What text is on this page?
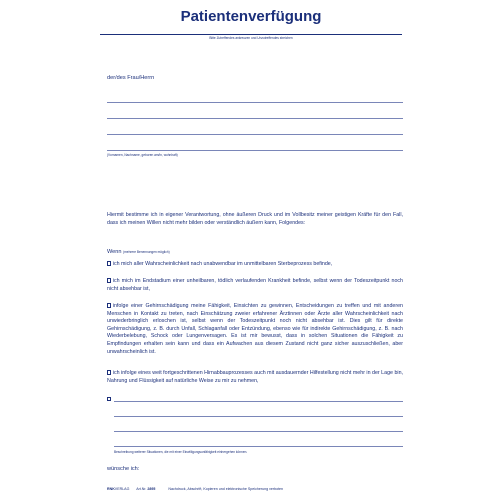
Patientenverfügung
Bitte Zutreffendes ankreuzen und Unzutreffendes streichen
der/des Frau/Herrn
(Vornamen, Nachname, geboren am/in, wohnhaft)
Hiermit bestimme ich in eigener Verantwortung, ohne äußeren Druck und im Vollbesitz meiner geistigen Kräfte für den Fall, dass ich meinen Willen nicht mehr bilden oder verständlich äußern kann, Folgendes:
Wenn (mehrere Benennungen möglich)
ich mich aller Wahrscheinlichkeit nach unabwendbar im unmittelbaren Sterbeprozess befinde,
ich mich im Endstadium einer unheilbaren, tödlich verlaufenden Krankheit befinde, selbst wenn der Todeszeitpunkt noch nicht absehbar ist,
infolge einer Gehirnschädigung meine Fähigkeit, Einsichten zu gewinnen, Entscheidungen zu treffen und mit anderen Menschen in Kontakt zu treten, nach Einschätzung zweier erfahrener Ärztinnen oder Ärzte aller Wahrscheinlichkeit nach unwiederbringlich erloschen ist, selbst wenn der Todeszeitpunkt noch nicht absehbar ist. Dies gilt für direkte Gehirnschädigung, z. B. durch Unfall, Schlaganfall oder Entzündung, ebenso wie für indirekte Gehirnschädigung, z. B. nach Wiederbelebung, Schock oder Lungenversagen. Es ist mir bewusst, dass in solchen Situationen die Fähigkeit zu Empfindungen erhalten sein kann und dass ein Aufwachen aus diesem Zustand nicht ganz sicher auszuschließen, aber unwahrscheinlich ist.
ich infolge eines weit fortgeschrittenen Hirnabbauprozesses auch mit ausdauernder Hilfestellung nicht mehr in der Lage bin, Nahrung und Flüssigkeit auf natürliche Weise zu mir zu nehmen,
Beschreibung weiterer Situationen, die mit einer Einwilligungsunfähigkeit einhergehen können.
wünsche ich:
RNKVERLAG Art.Nr. 2895	Nachdruck, Abschrift, Kopieren und elektronische Speicherung verboten
